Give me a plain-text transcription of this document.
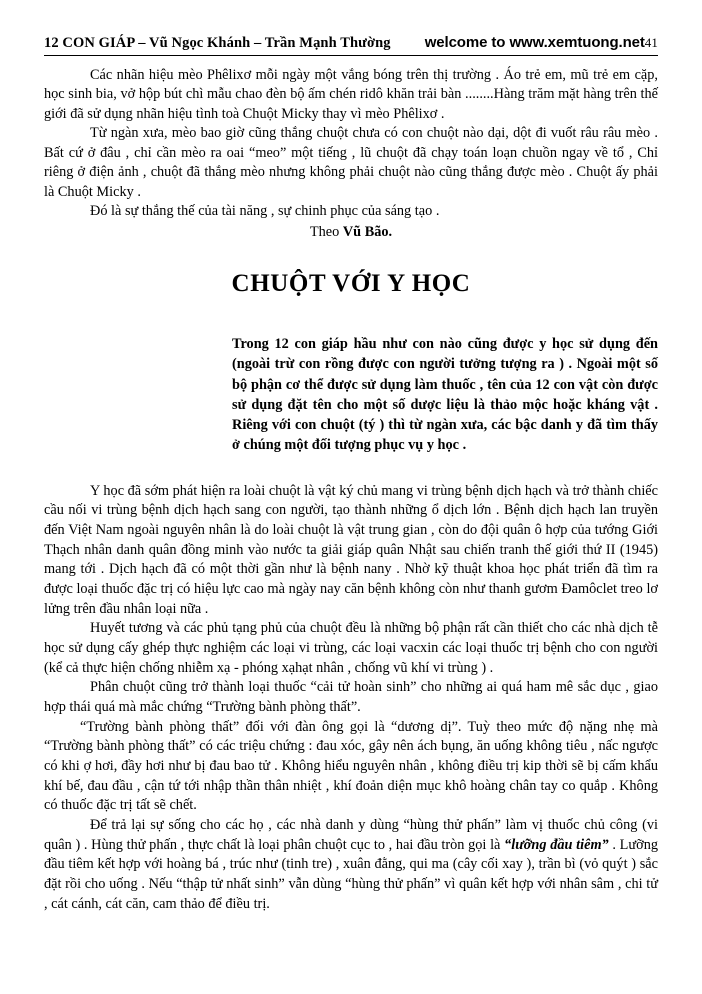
12 CON GIÁP – Vũ Ngọc Khánh – Trần Mạnh Thường welcome to www.xemtuong.net 41

Các nhãn hiệu mèo Phêlixơ mỗi ngày một vắng bóng trên thị trường . Áo trẻ em, mũ trẻ em cặp, học sinh bia, vở hộp bút chì mẫu chao đèn bộ ấm chén ridô khăn trải bàn ........Hàng trăm mặt hàng trên thế giới đã sử dụng nhãn hiệu tình toà Chuột Micky thay vì mèo Phêlixơ .

Từ ngàn xưa, mèo bao giờ cũng thắng chuột chưa có con chuột nào dại, dột đi vuốt râu râu mèo . Bất cứ ở đâu , chỉ cần mèo ra oai “meo” một tiếng , lũ chuột đã chạy toán loạn chuồn ngay về tổ , Chỉ riêng ở điện ảnh , chuột đã thắng mèo nhưng không phải chuột nào cũng thắng được mèo . Chuột ấy phải là Chuột Micky .

Đó là sự thắng thế của tài năng , sự chinh phục của sáng tạo .

Theo Vũ Bão.
CHUỘT VỚI Y HỌC
Trong 12 con giáp hầu như con nào cũng được y học sử dụng đến (ngoài trừ con rồng được con người tưởng tượng ra ) . Ngoài một số bộ phận cơ thể được sử dụng làm thuốc , tên của 12 con vật còn được sử dụng đặt tên cho một số dược liệu là thảo mộc hoặc kháng vật . Riêng với con chuột (tý ) thì từ ngàn xưa, các bậc danh y đã tìm thấy ở chúng một đối tượng phục vụ y học .

Y học đã sớm phát hiện ra loài chuột là vật ký chủ mang vi trùng bệnh dịch hạch và trở thành chiếc cầu nối vi trùng bệnh dịch hạch sang con người, tạo thành những ổ dịch lớn . Bệnh dịch hạch lan truyền đến Việt Nam ngoài nguyên nhân là do loài chuột là vật trung gian , còn do đội quân ô hợp của tướng Giới Thạch nhân danh quân đồng minh vào nước ta giải giáp quân Nhật sau chiến tranh thế giới thứ II (1945) mang tới . Dịch hạch đã có một thời gần như là bệnh nany . Nhờ kỹ thuật khoa học phát triển đã tìm ra được loại thuốc đặc trị có hiệu lực cao mà ngày nay căn bệnh không còn như thanh gươm Đamôclet treo lơ lửng trên đầu nhân loại nữa .

Huyết tương và các phủ tạng phủ của chuột đều là những bộ phận rất cần thiết cho các nhà dịch tễ học sử dụng cấy ghép thực nghiệm các loại vi trùng, các loại vacxin các loại thuốc trị bệnh cho con người (kể cả thực hiện chống nhiễm xạ - phóng xạhạt nhân , chống vũ khí vi trùng ) .

Phân chuột cũng trở thành loại thuốc “cải tử hoàn sinh” cho những ai quá ham mê sắc dục , giao hợp thái quá mà mắc chứng “Trường bành phòng thất”.

“Trường bành phòng thất” đối với đàn ông gọi là “dương dị”. Tuỳ theo mức độ nặng nhẹ mà “Trường bành phòng thất” có các triệu chứng : đau xóc, gây nên ách bụng, ăn uống không tiêu , nấc ngược có khi ợ hơi, đầy hơi như bị đau bao tử . Không hiểu nguyên nhân , không điều trị kip thời sẽ bị cấm khẩu khí bế, đau đầu , cận tứ tới nhập thần thân nhiệt , khí đoản diện mục khô hoàng chân tay co quắp . Không có thuốc đặc trị tất sẽ chết.

Để trả lại sự sống cho các họ , các nhà danh y dùng “hùng thử phấn” làm vị thuốc chủ công (vi quân ) . Hùng thử phấn , thực chất là loại phân chuột cục to , hai đầu tròn gọi là “lưỡng đầu tiêm” . Lưỡng đầu tiêm kết hợp với hoàng bá , trúc như (tinh tre) , xuân đằng, qui ma (cây cối xay ), trần bì (vỏ quýt ) sắc đặt rồi cho uống . Nếu “thập tử nhất sinh” vẫn dùng “hùng thử phấn” vì quân kết hợp với nhân sâm , chi tử , cát cánh, cát căn, cam thảo để điều trị.
